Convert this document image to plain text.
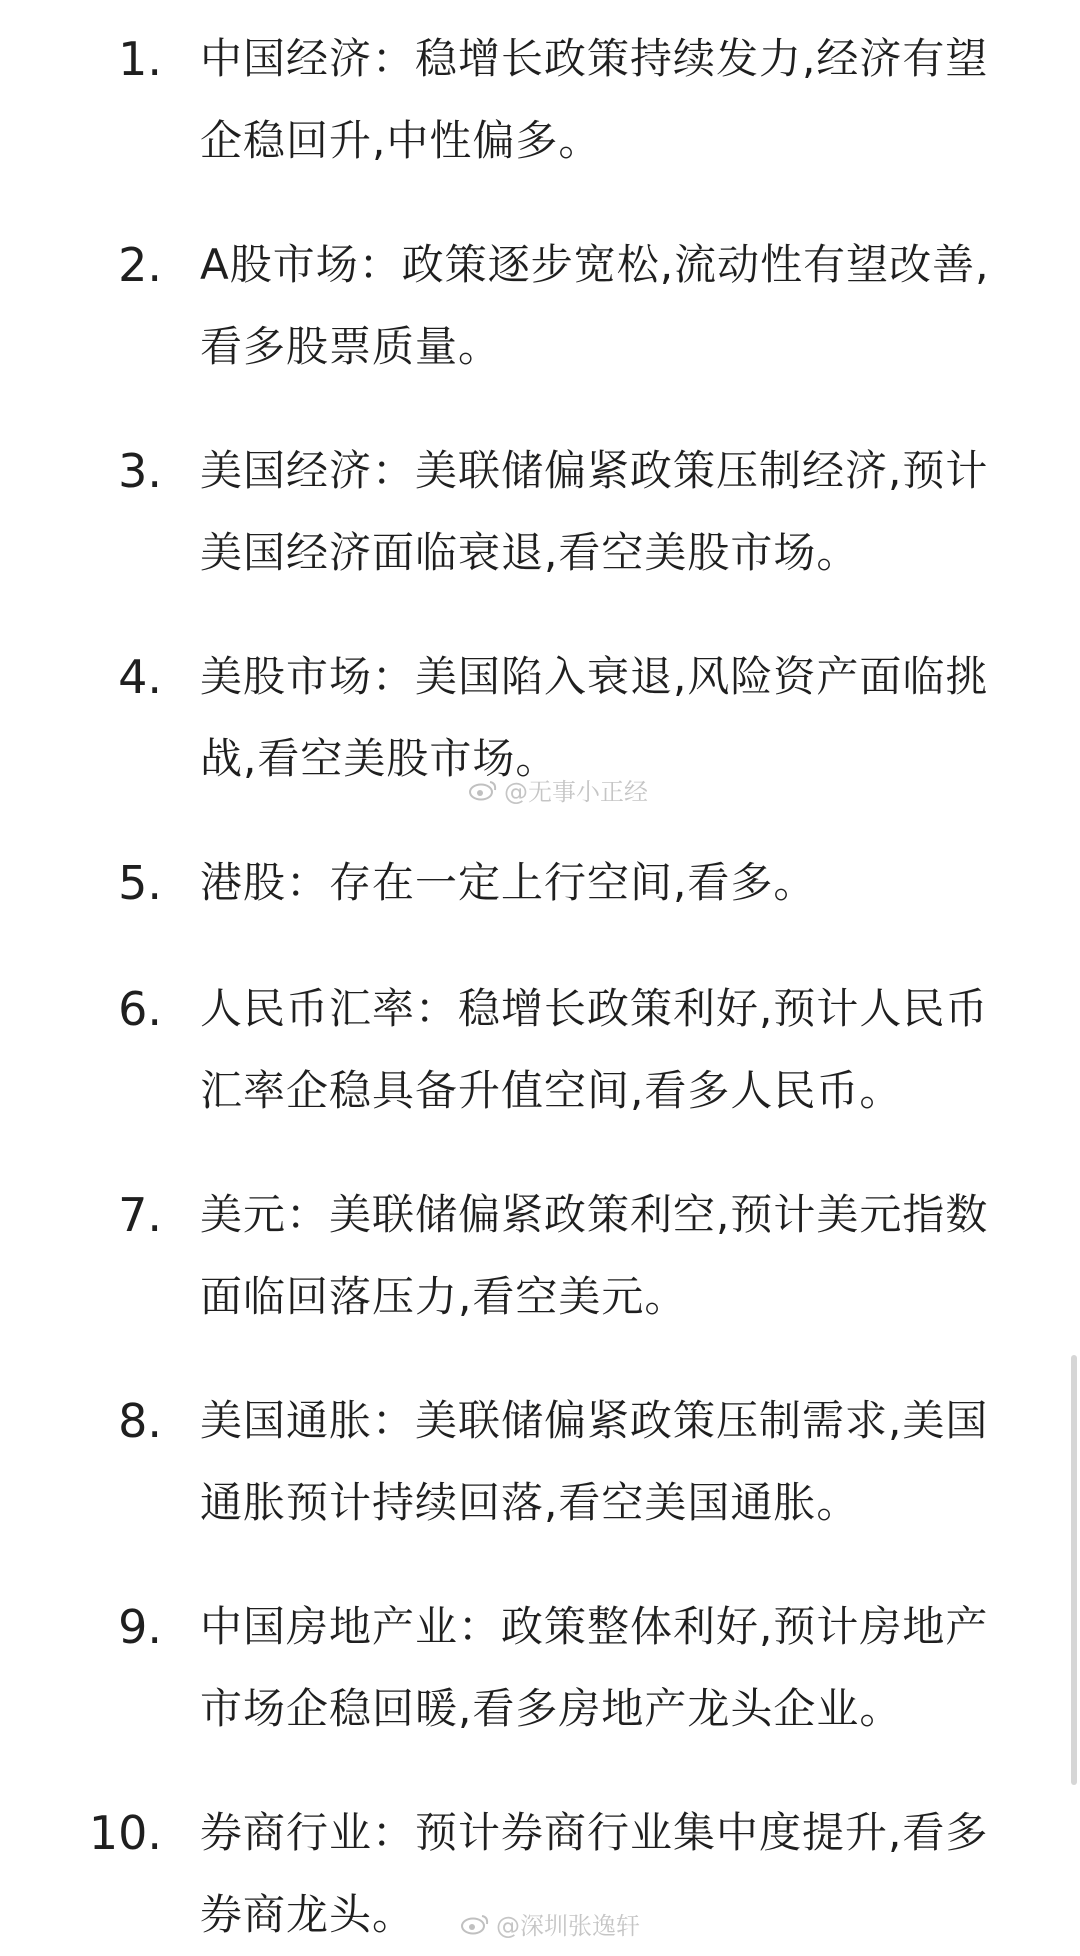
1. 中国经济：稳增长政策持续发力,经济有望企稳回升,中性偏多。
2. A股市场：政策逐步宽松,流动性有望改善,看多股票质量。
3. 美国经济：美联储偏紧政策压制经济,预计美国经济面临衰退,看空美股市场。
4. 美股市场：美国陷入衰退,风险资产面临挑战,看空美股市场。
5. 港股：存在一定上行空间,看多。
6. 人民币汇率：稳增长政策利好,预计人民币汇率企稳具备升值空间,看多人民币。
7. 美元：美联储偏紧政策利空,预计美元指数面临回落压力,看空美元。
8. 美国通胀：美联储偏紧政策压制需求,美国通胀预计持续回落,看空美国通胀。
9. 中国房地产业：政策整体利好,预计房地产市场企稳回暖,看多房地产龙头企业。
10. 券商行业：预计券商行业集中度提升,看多券商龙头。
@无事小正经
@深圳张逸轩
